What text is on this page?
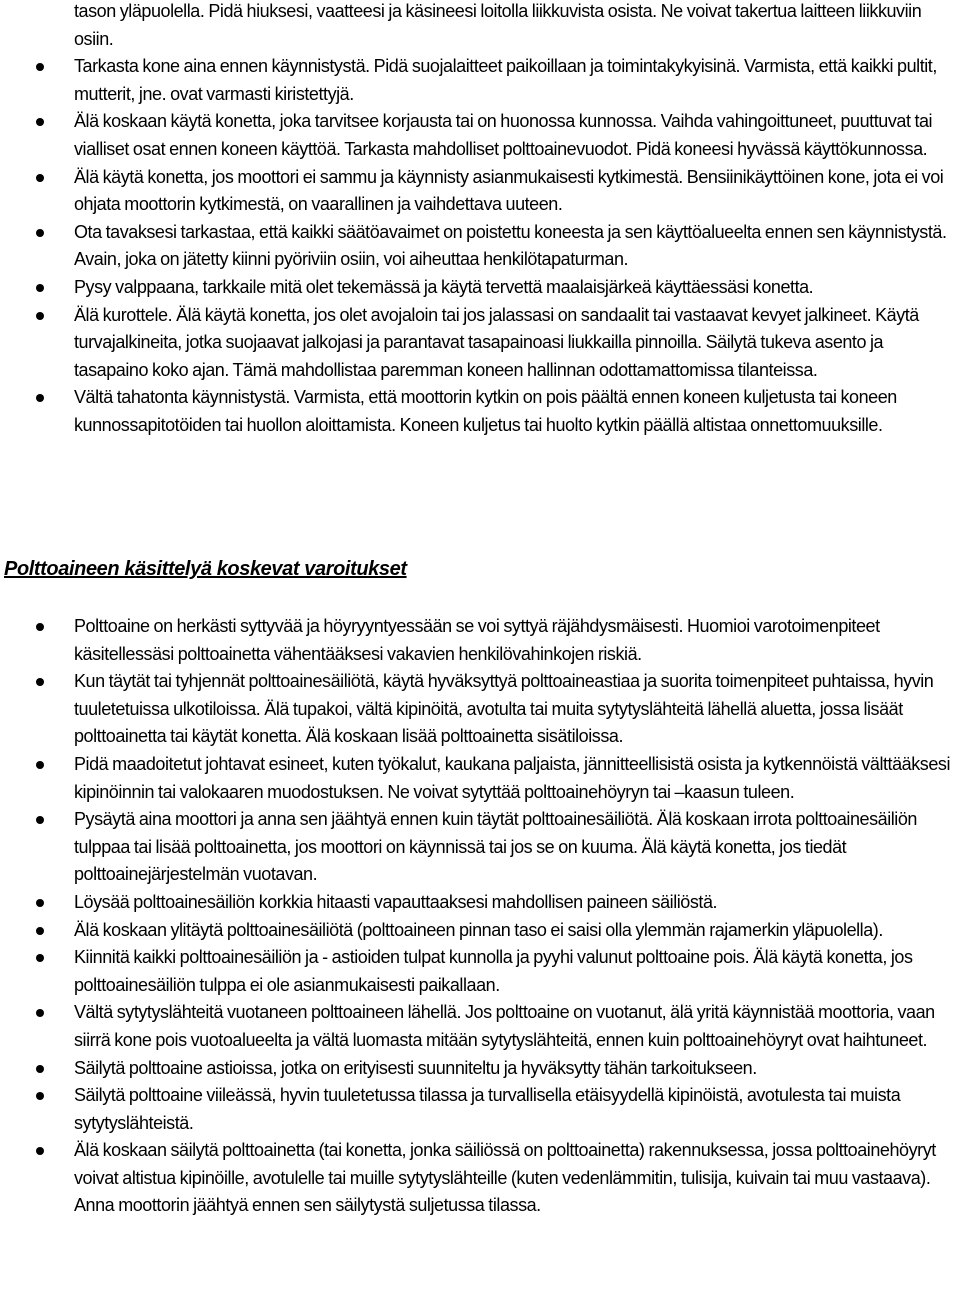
tason yläpuolella. Pidä hiuksesi, vaatteesi ja käsineesi loitolla liikkuvista osista. Ne voivat takertua laitteen liikkuviin osiin.
Tarkasta kone aina ennen käynnistystä. Pidä suojalaitteet paikoillaan ja toimintakykyisinä. Varmista, että kaikki pultit, mutterit, jne. ovat varmasti kiristettyjä.
Älä koskaan käytä konetta, joka tarvitsee korjausta tai on huonossa kunnossa. Vaihda vahingoittuneet, puuttuvat tai vialliset osat ennen koneen käyttöä. Tarkasta mahdolliset polttoainevuodot. Pidä koneesi hyvässä käyttökunnossa.
Älä käytä konetta, jos moottori ei sammu ja käynnisty asianmukaisesti kytkimestä. Bensiinikäyttöinen kone, jota ei voi ohjata moottorin kytkimestä, on vaarallinen ja vaihdettava uuteen.
Ota tavaksesi tarkastaa, että kaikki säätöavaimet on poistettu koneesta ja sen käyttöalueelta ennen sen käynnistystä. Avain, joka on jätetty kiinni pyöriviin osiin, voi aiheuttaa henkilötapaturman.
Pysy valppaana, tarkkaile mitä olet tekemässä ja käytä tervettä maalaisjärkeä käyttäessäsi konetta.
Älä kurottele. Älä käytä konetta, jos olet avojaloin tai jos jalassasi on sandaalit tai vastaavat kevyet jalkineet. Käytä turvajalkineita, jotka suojaavat jalkojasi ja parantavat tasapainoasi liukkailla pinnoilla. Säilytä tukeva asento ja tasapaino koko ajan. Tämä mahdollistaa paremman koneen hallinnan odottamattomissa tilanteissa.
Vältä tahatonta käynnistystä. Varmista, että moottorin kytkin on pois päältä ennen koneen kuljetusta tai koneen kunnossapitotöiden tai huollon aloittamista. Koneen kuljetus tai huolto kytkin päällä altistaa onnettomuuksille.
Polttoaineen käsittelyä koskevat varoitukset
Polttoaine on herkästi syttyvää ja höyryyntyessään se voi syttyä räjähdysmäisesti. Huomioi varotoimenpiteet käsitellessäsi polttoainetta vähentääksesi vakavien henkilövahinkojen riskiä.
Kun täytät tai tyhjennät polttoainesäiliötä, käytä hyväksyttyä polttoaineastiaa ja suorita toimenpiteet puhtaissa, hyvin tuuletetuissa ulkotiloissa. Älä tupakoi, vältä kipinöitä, avotulta tai muita sytytyslähteitä lähellä aluetta, jossa lisäät polttoainetta tai käytät konetta. Älä koskaan lisää polttoainetta sisätiloissa.
Pidä maadoitetut johtavat esineet, kuten työkalut, kaukana paljaista, jännitteellisistä osista ja kytkennöistä välttääksesi kipinöinnin tai valokaaren muodostuksen. Ne voivat sytyttää polttoainehöyryn tai –kaasun tuleen.
Pysäytä aina moottori ja anna sen jäähtyä ennen kuin täytät polttoainesäiliötä. Älä koskaan irrota polttoainesäiliön tulppaa tai lisää polttoainetta, jos moottori on käynnissä tai jos se on kuuma. Älä käytä konetta, jos tiedät polttoainejärjestelmän vuotavan.
Löysää polttoainesäiliön korkkia hitaasti vapauttaaksesi mahdollisen paineen säiliöstä.
Älä koskaan ylitäytä polttoainesäiliötä (polttoaineen pinnan taso ei saisi olla ylemmän rajamerkin yläpuolella).
Kiinnitä kaikki polttoainesäiliön ja - astioiden tulpat kunnolla ja pyyhi valunut polttoaine pois. Älä käytä konetta, jos polttoainesäiliön tulppa ei ole asianmukaisesti paikallaan.
Vältä sytytyslähteitä vuotaneen polttoaineen lähellä. Jos polttoaine on vuotanut, älä yritä käynnistää moottoria, vaan siirrä kone pois vuotoalueelta ja vältä luomasta mitään sytytyslähteitä, ennen kuin polttoainehöyryt ovat haihtuneet.
Säilytä polttoaine astioissa, jotka on erityisesti suunniteltu ja hyväksytty tähän tarkoitukseen.
Säilytä polttoaine viileässä, hyvin tuuletetussa tilassa ja turvallisella etäisyydellä kipinöistä, avotulesta tai muista sytytyslähteistä.
Älä koskaan säilytä polttoainetta (tai konetta, jonka säiliössä on polttoainetta) rakennuksessa, jossa polttoainehöyryt voivat altistua kipinöille, avotulelle tai muille sytytyslähteille (kuten vedenlämmitin, tulisija, kuivain tai muu vastaava). Anna moottorin jäähtyä ennen sen säilytystä suljetussa tilassa.
